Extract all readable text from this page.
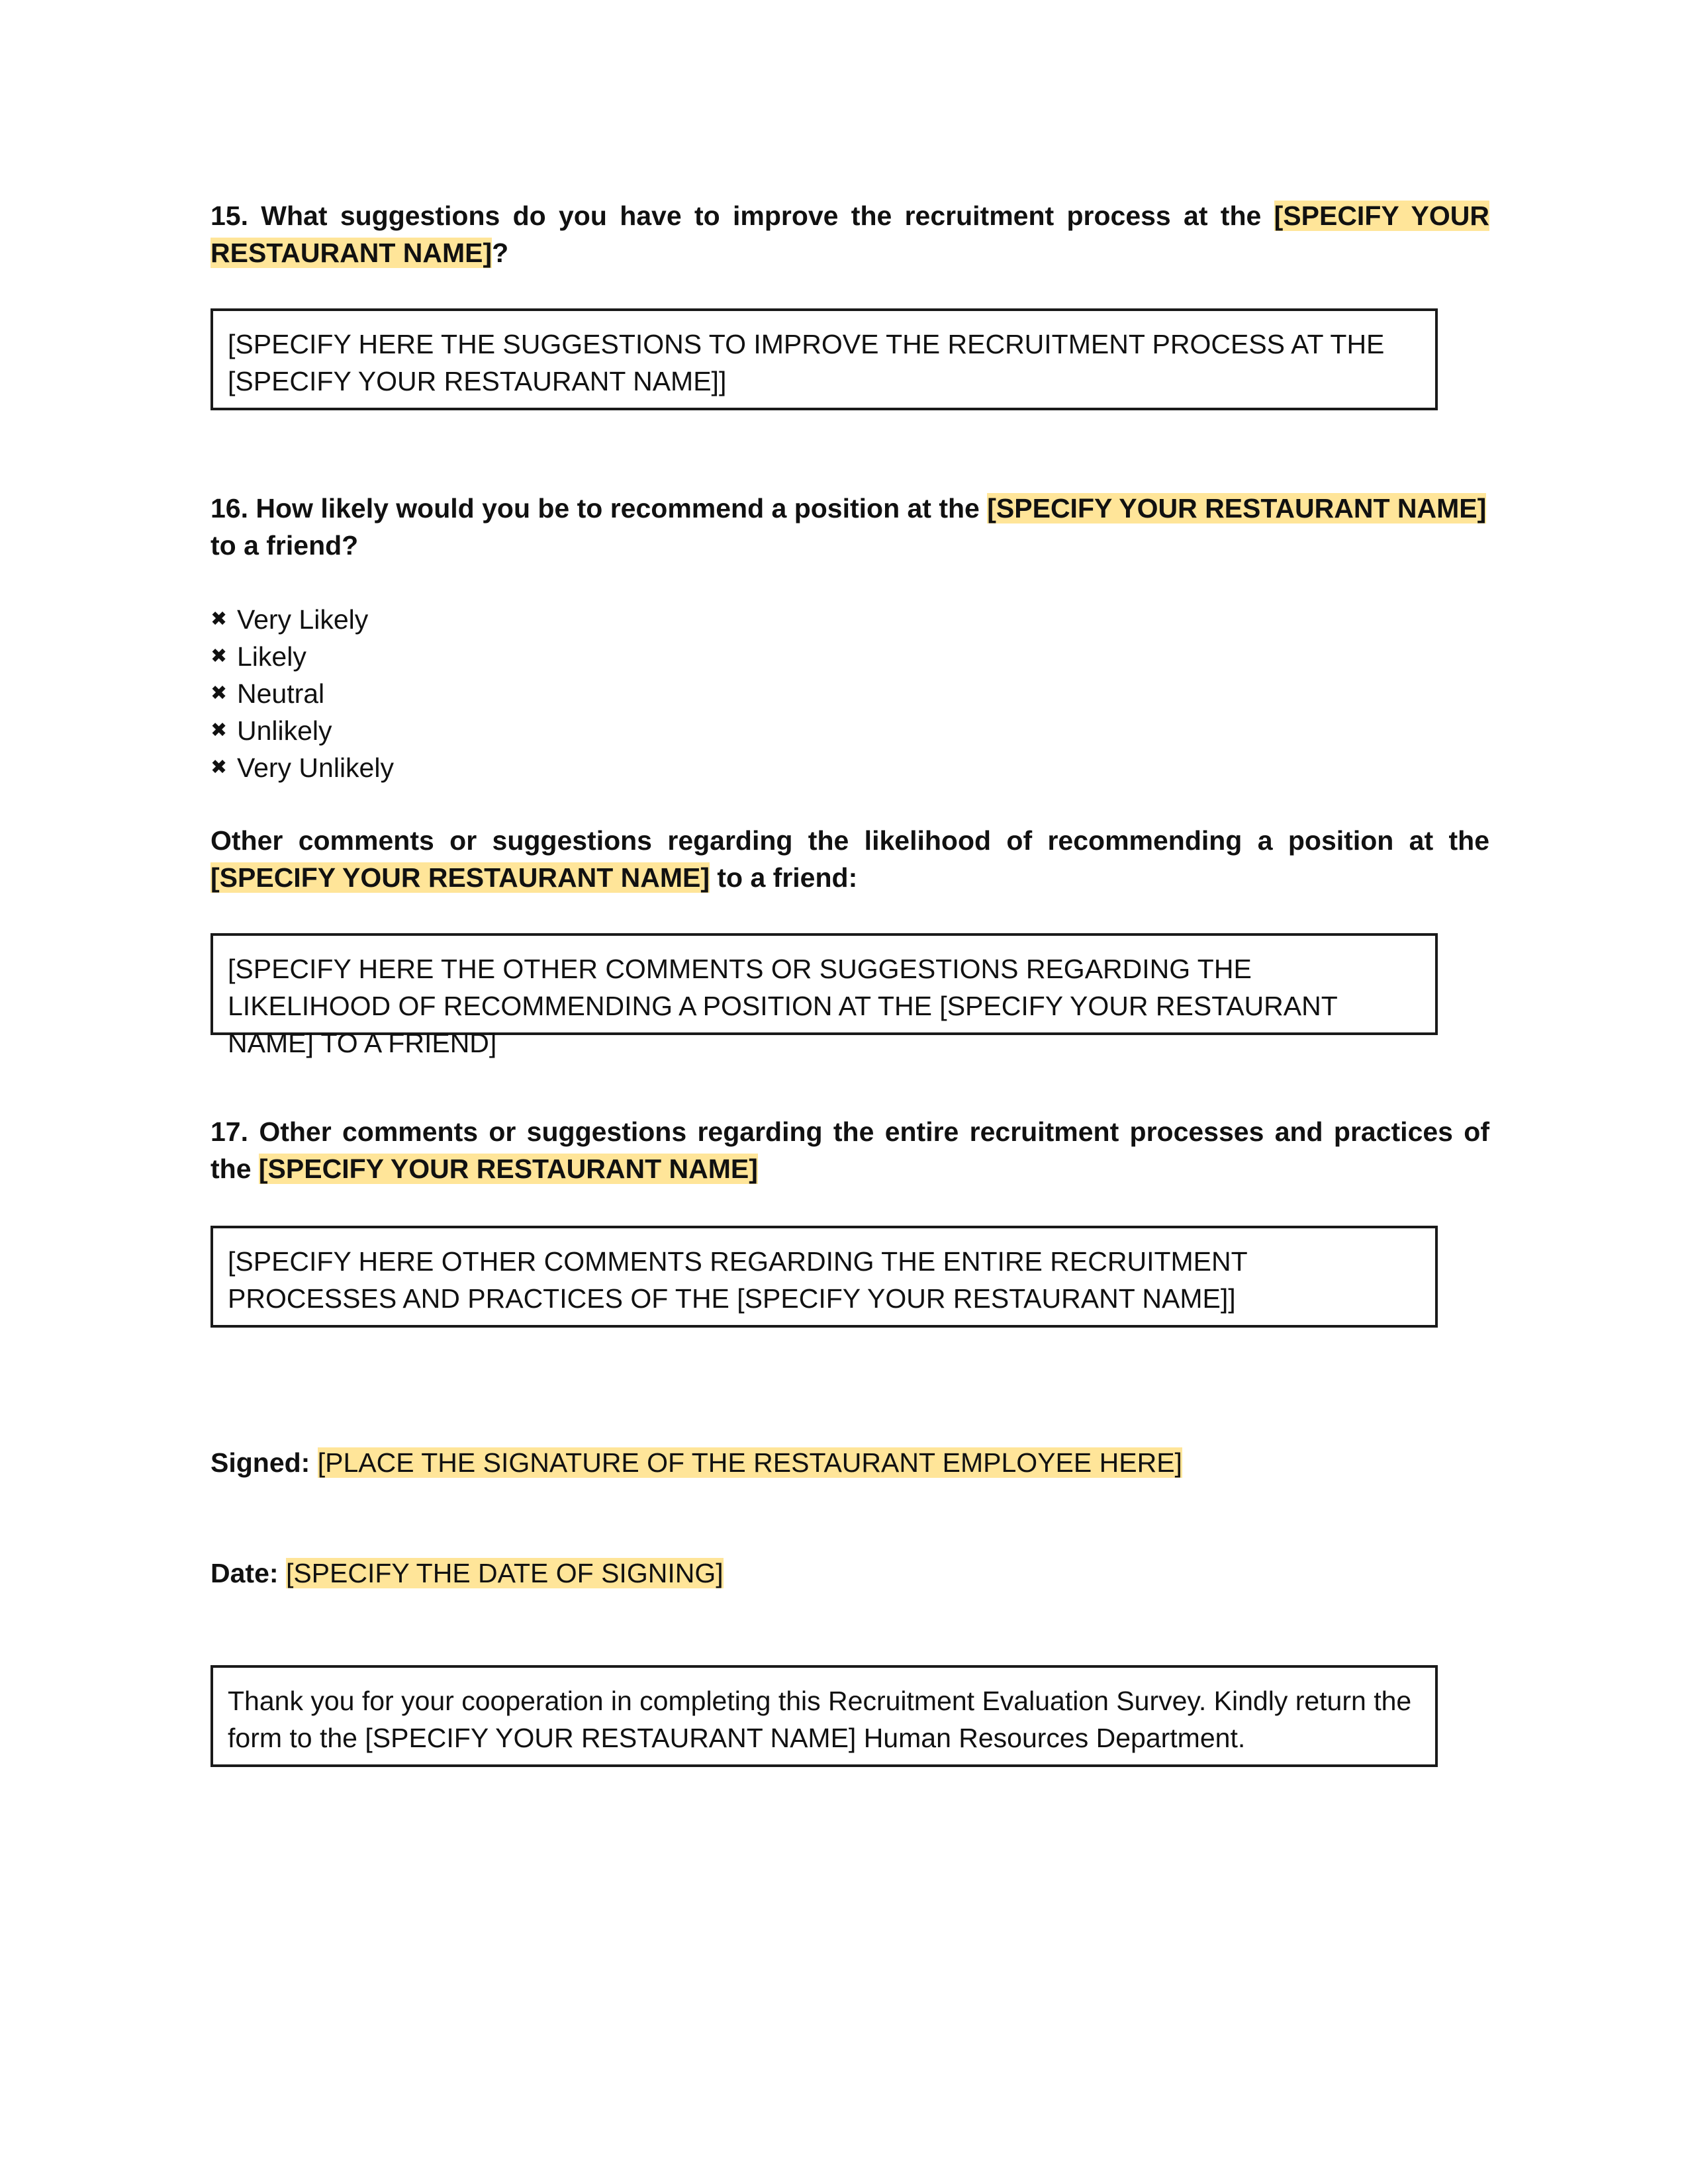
15. What suggestions do you have to improve the recruitment process at the [SPECIFY YOUR RESTAURANT NAME]?

[SPECIFY HERE THE SUGGESTIONS TO IMPROVE THE RECRUITMENT PROCESS AT THE [SPECIFY YOUR RESTAURANT NAME]]

16. How likely would you be to recommend a position at the [SPECIFY YOUR RESTAURANT NAME] to a friend?

✖ Very Likely
✖ Likely
✖ Neutral
✖ Unlikely
✖ Very Unlikely

Other comments or suggestions regarding the likelihood of recommending a position at the [SPECIFY YOUR RESTAURANT NAME] to a friend:

[SPECIFY HERE THE OTHER COMMENTS OR SUGGESTIONS REGARDING THE LIKELIHOOD OF RECOMMENDING A POSITION AT THE [SPECIFY YOUR RESTAURANT NAME] TO A FRIEND]

17. Other comments or suggestions regarding the entire recruitment processes and practices of the [SPECIFY YOUR RESTAURANT NAME]

[SPECIFY HERE OTHER COMMENTS REGARDING THE ENTIRE RECRUITMENT PROCESSES AND PRACTICES OF THE [SPECIFY YOUR RESTAURANT NAME]]
Signed: [PLACE THE SIGNATURE OF THE RESTAURANT EMPLOYEE HERE]
Date: [SPECIFY THE DATE OF SIGNING]
Thank you for your cooperation in completing this Recruitment Evaluation Survey. Kindly return the form to the [SPECIFY YOUR RESTAURANT NAME] Human Resources Department.
